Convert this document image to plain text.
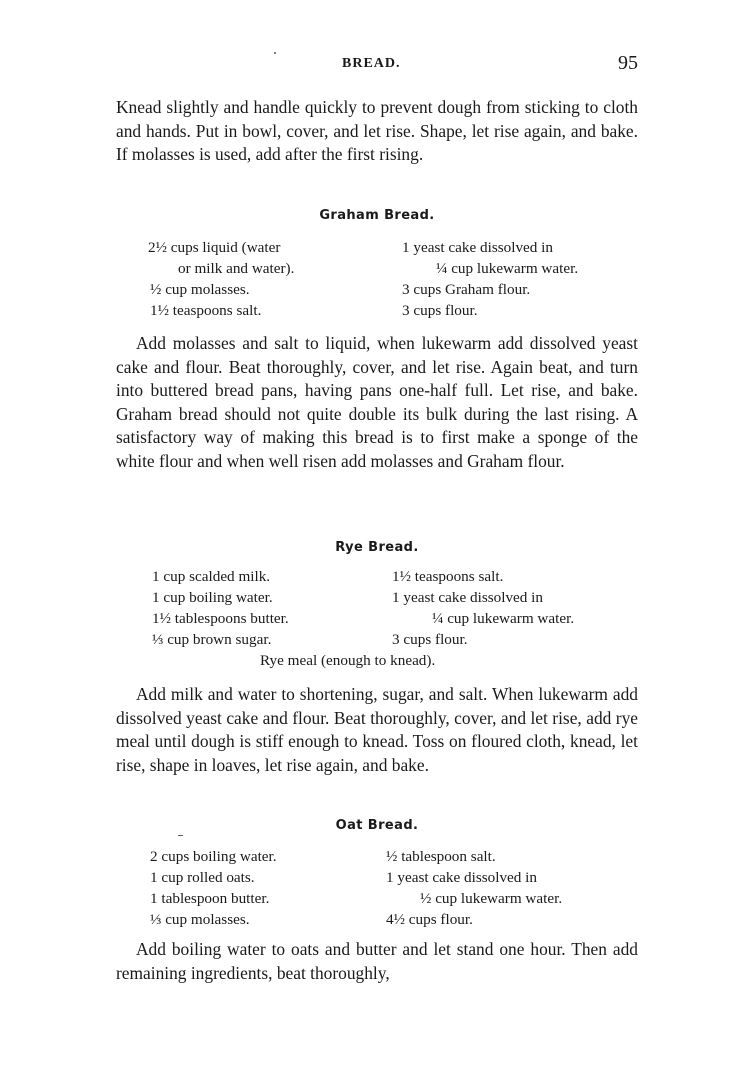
BREAD.	95

Knead slightly and handle quickly to prevent dough from sticking to cloth and hands. Put in bowl, cover, and let rise. Shape, let rise again, and bake. If molasses is used, add after the first rising.

Graham Bread.
2½ cups liquid (water
or milk and water).
½ cup molasses.
1½ teaspoons salt.
1 yeast cake dissolved in
¼ cup lukewarm water.
3 cups Graham flour.
3 cups flour.

Add molasses and salt to liquid, when lukewarm add dissolved yeast cake and flour. Beat thoroughly, cover, and let rise. Again beat, and turn into buttered bread pans, having pans one-half full. Let rise, and bake. Graham bread should not quite double its bulk during the last rising. A satisfactory way of making this bread is to first make a sponge of the white flour and when well risen add molasses and Graham flour.

Rye Bread.
1 cup scalded milk.
1 cup boiling water.
1½ tablespoons butter.
⅓ cup brown sugar.
1½ teaspoons salt.
1 yeast cake dissolved in
¼ cup lukewarm water.
3 cups flour.
Rye meal (enough to knead).

Add milk and water to shortening, sugar, and salt. When lukewarm add dissolved yeast cake and flour. Beat thoroughly, cover, and let rise, add rye meal until dough is stiff enough to knead. Toss on floured cloth, knead, let rise, shape in loaves, let rise again, and bake.

Oat Bread.
2 cups boiling water.
1 cup rolled oats.
1 tablespoon butter.
⅓ cup molasses.
½ tablespoon salt.
1 yeast cake dissolved in
½ cup lukewarm water.
4½ cups flour.

Add boiling water to oats and butter and let stand one hour. Then add remaining ingredients, beat thoroughly,
